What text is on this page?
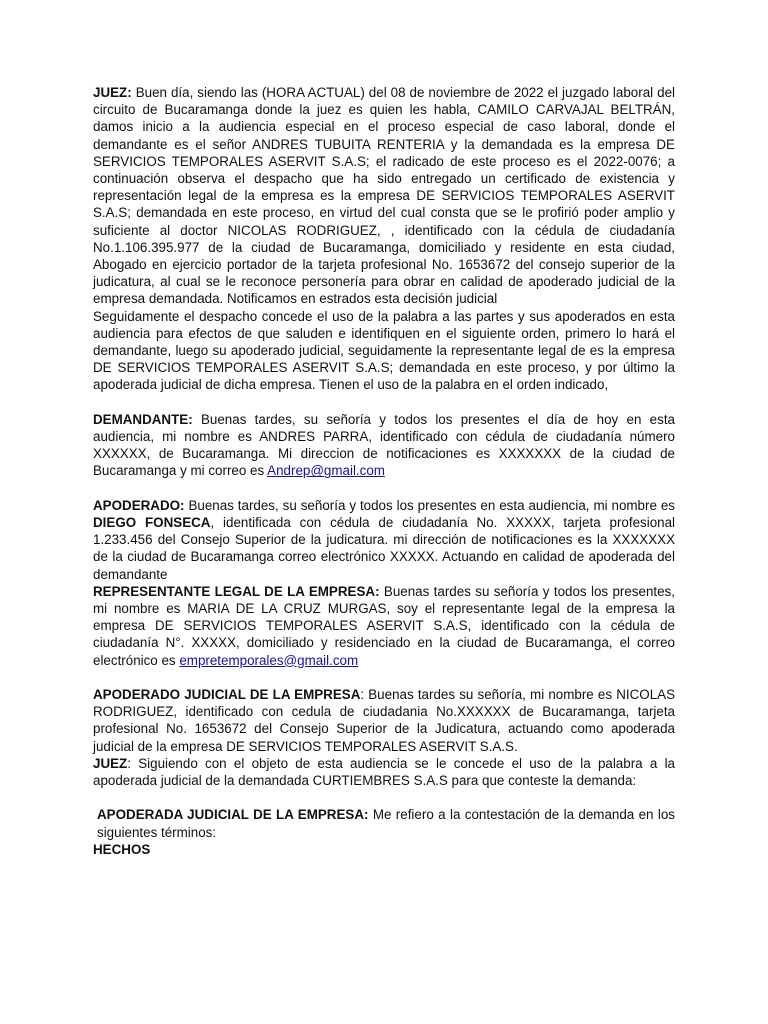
JUEZ: Buen día, siendo las (HORA ACTUAL) del 08 de noviembre de 2022 el juzgado laboral del circuito de Bucaramanga donde la juez es quien les habla, CAMILO CARVAJAL BELTRÁN, damos inicio a la audiencia especial en el proceso especial de caso laboral, donde el demandante es el señor ANDRES TUBUITA RENTERIA y la demandada es la empresa DE SERVICIOS TEMPORALES ASERVIT S.A.S; el radicado de este proceso es el 2022-0076; a continuación observa el despacho que ha sido entregado un certificado de existencia y representación legal de la empresa es la empresa DE SERVICIOS TEMPORALES ASERVIT S.A.S; demandada en este proceso, en virtud del cual consta que se le profirió poder amplio y suficiente al doctor NICOLAS RODRIGUEZ, , identificado con la cédula de ciudadanía No.1.106.395.977 de la ciudad de Bucaramanga, domiciliado y residente en esta ciudad, Abogado en ejercicio portador de la tarjeta profesional No. 1653672 del consejo superior de la judicatura, al cual se le reconoce personería para obrar en calidad de apoderado judicial de la empresa demandada. Notificamos en estrados esta decisión judicial

Seguidamente el despacho concede el uso de la palabra a las partes y sus apoderados en esta audiencia para efectos de que saluden e identifiquen en el siguiente orden, primero lo hará el demandante, luego su apoderado judicial, seguidamente la representante legal de es la empresa DE SERVICIOS TEMPORALES ASERVIT S.A.S; demandada en este proceso, y por último la apoderada judicial de dicha empresa. Tienen el uso de la palabra en el orden indicado,

DEMANDANTE: Buenas tardes, su señoría y todos los presentes el día de hoy en esta audiencia, mi nombre es ANDRES PARRA, identificado con cédula de ciudadanía número XXXXXX, de Bucaramanga. Mi direccion de notificaciones es XXXXXXX de la ciudad de Bucaramanga y mi correo es Andrep@gmail.com

APODERADO: Buenas tardes, su señoría y todos los presentes en esta audiencia, mi nombre es DIEGO FONSECA, identificada con cédula de ciudadanía No. XXXXX, tarjeta profesional 1.233.456 del Consejo Superior de la judicatura. mi dirección de notificaciones es la XXXXXXX de la ciudad de Bucaramanga correo electrónico XXXXX. Actuando en calidad de apoderada del demandante

REPRESENTANTE LEGAL DE LA EMPRESA: Buenas tardes su señoría y todos los presentes, mi nombre es MARIA DE LA CRUZ MURGAS, soy el representante legal de la empresa la empresa DE SERVICIOS TEMPORALES ASERVIT S.A.S, identificado con la cédula de ciudadanía N°. XXXXX, domiciliado y residenciado en la ciudad de Bucaramanga, el correo electrónico es empretemporales@gmail.com

APODERADO JUDICIAL DE LA EMPRESA: Buenas tardes su señoría, mi nombre es NICOLAS RODRIGUEZ, identificado con cedula de ciudadania No.XXXXXX de Bucaramanga, tarjeta profesional No. 1653672 del Consejo Superior de la Judicatura, actuando como apoderada judicial de la empresa DE SERVICIOS TEMPORALES ASERVIT S.A.S.

JUEZ: Siguiendo con el objeto de esta audiencia se le concede el uso de la palabra a la apoderada judicial de la demandada CURTIEMBRES S.A.S para que conteste la demanda:

APODERADA JUDICIAL DE LA EMPRESA: Me refiero a la contestación de la demanda en los siguientes términos:

HECHOS
